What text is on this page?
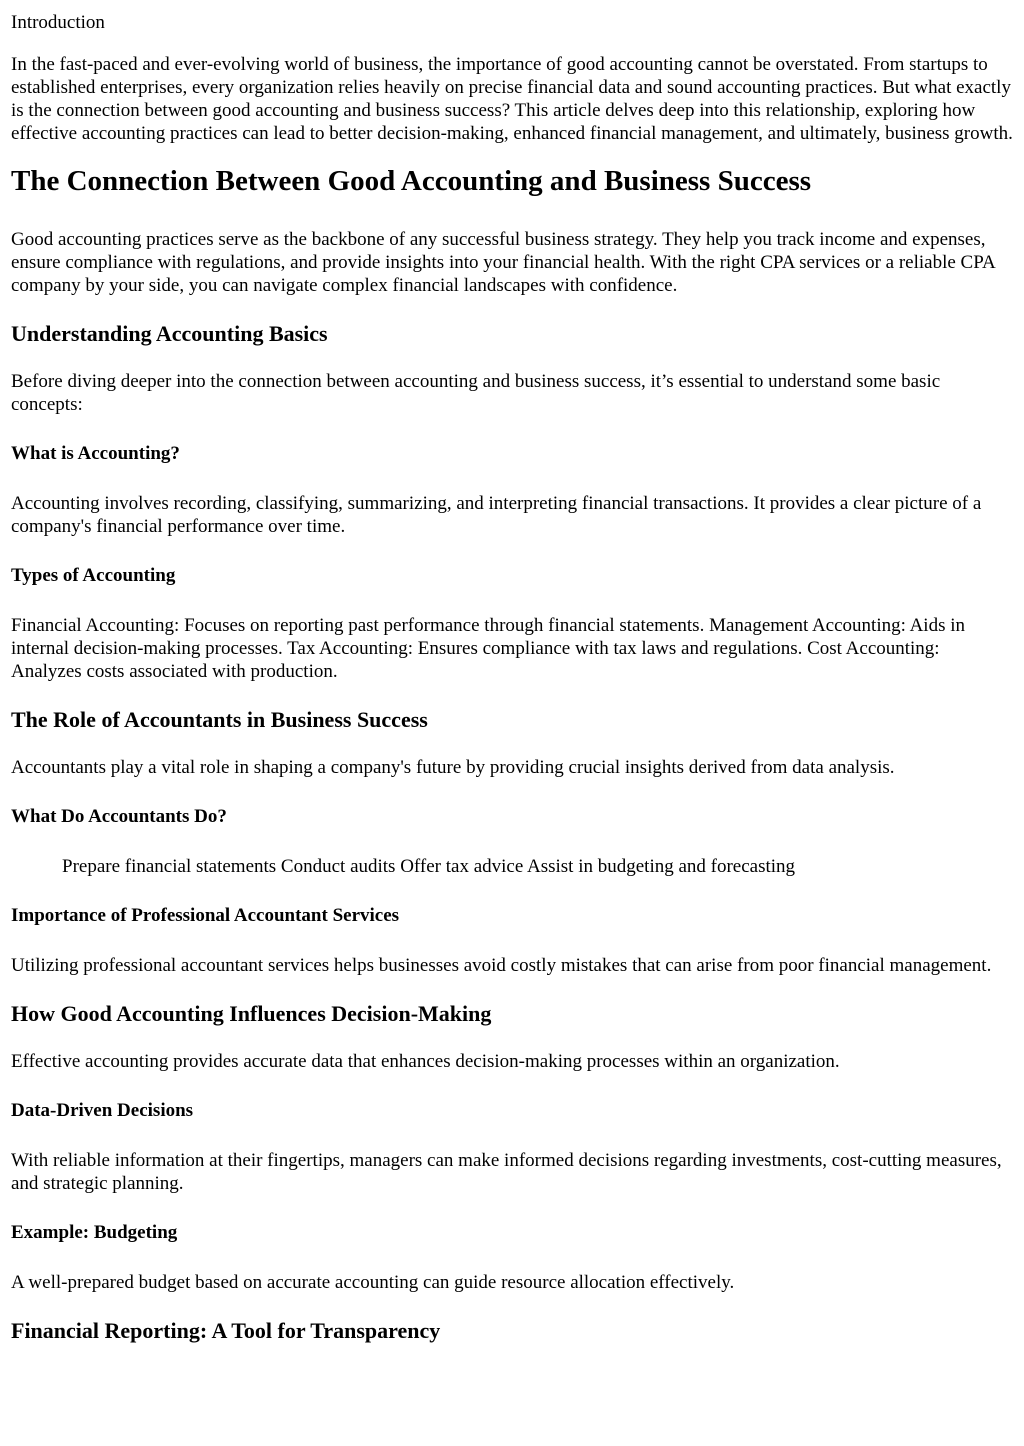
Introduction

In the fast-paced and ever-evolving world of business, the importance of good accounting cannot be overstated. From startups to established enterprises, every organization relies heavily on precise financial data and sound accounting practices. But what exactly is the connection between good accounting and business success? This article delves deep into this relationship, exploring how effective accounting practices can lead to better decision-making, enhanced financial management, and ultimately, business growth.

The Connection Between Good Accounting and Business Success

Good accounting practices serve as the backbone of any successful business strategy. They help you track income and expenses, ensure compliance with regulations, and provide insights into your financial health. With the right CPA services or a reliable CPA company by your side, you can navigate complex financial landscapes with confidence.

Understanding Accounting Basics

Before diving deeper into the connection between accounting and business success, it’s essential to understand some basic concepts:

What is Accounting?

Accounting involves recording, classifying, summarizing, and interpreting financial transactions. It provides a clear picture of a company's financial performance over time.

Types of Accounting

Financial Accounting: Focuses on reporting past performance through financial statements. Management Accounting: Aids in internal decision-making processes. Tax Accounting: Ensures compliance with tax laws and regulations. Cost Accounting: Analyzes costs associated with production.

The Role of Accountants in Business Success

Accountants play a vital role in shaping a company's future by providing crucial insights derived from data analysis.

What Do Accountants Do?
Prepare financial statements Conduct audits Offer tax advice Assist in budgeting and forecasting
Importance of Professional Accountant Services

Utilizing professional accountant services helps businesses avoid costly mistakes that can arise from poor financial management.

How Good Accounting Influences Decision-Making

Effective accounting provides accurate data that enhances decision-making processes within an organization.

Data-Driven Decisions

With reliable information at their fingertips, managers can make informed decisions regarding investments, cost-cutting measures, and strategic planning.

Example: Budgeting

A well-prepared budget based on accurate accounting can guide resource allocation effectively.

Financial Reporting: A Tool for Transparency
